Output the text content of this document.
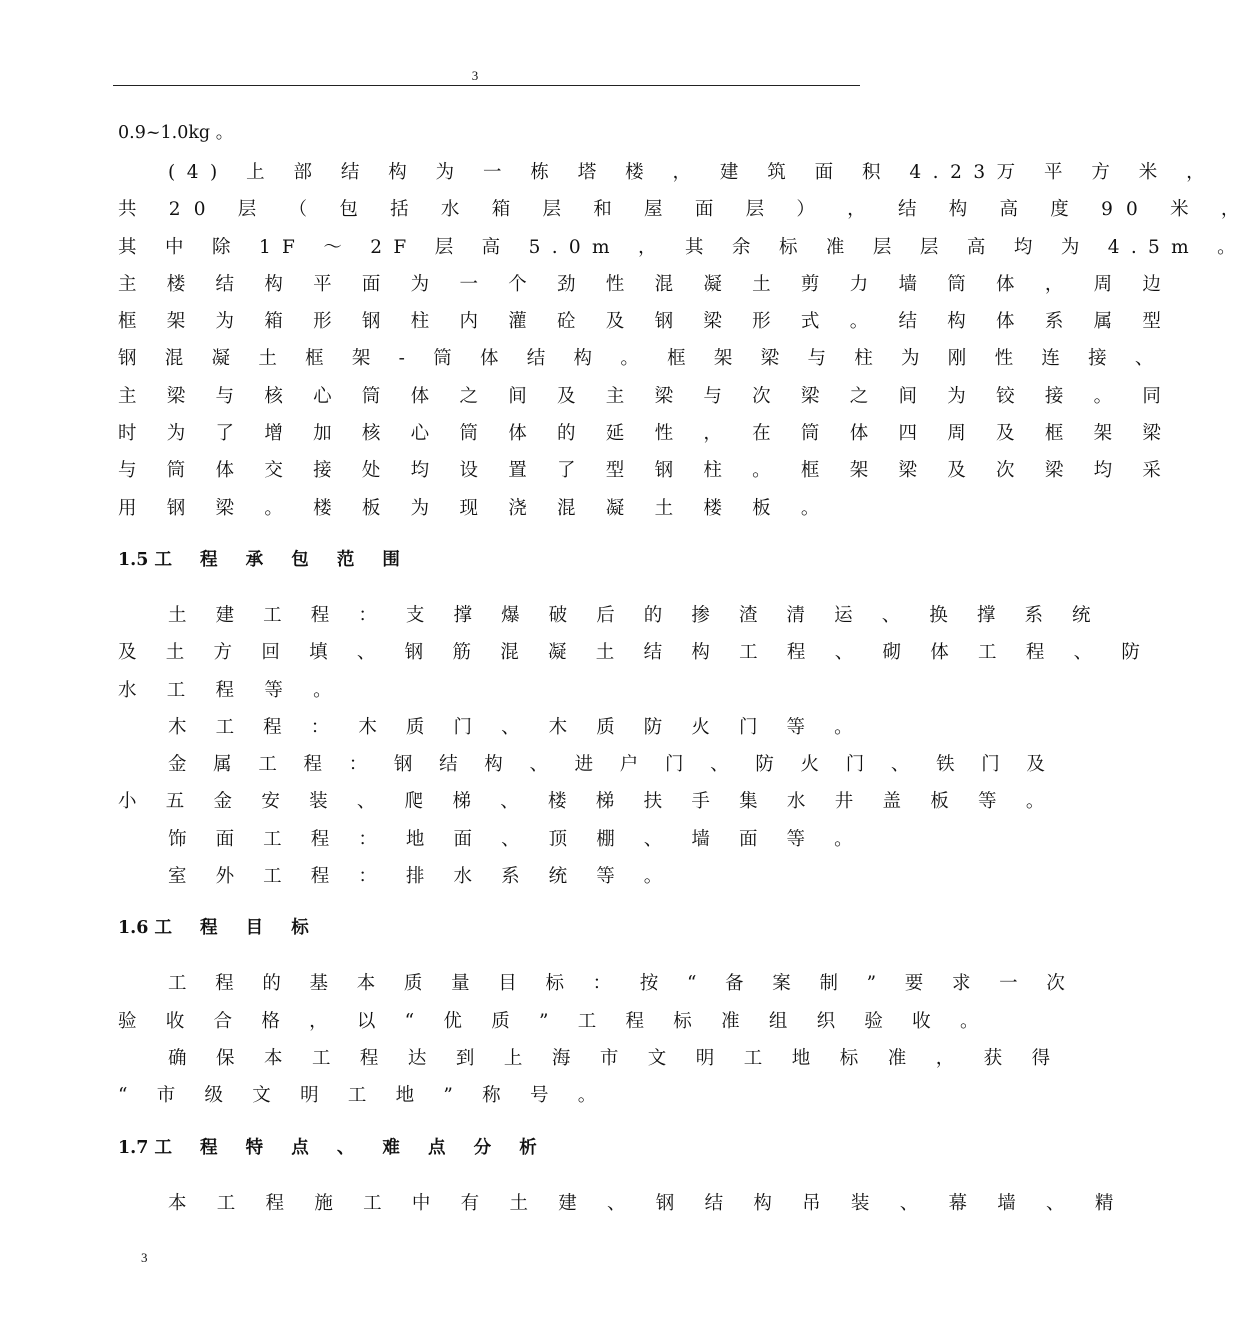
3

0.9~1.0kg 。

(4) 上 部 结 构 为 一 栋 塔 楼 ， 建 筑 面 积 4.23万 平 方 米 ，
共 20 层 （ 包 括 水 箱 层 和 屋 面 层 ） ， 结 构 高 度 90 米 ，
其 中 除 1F ～ 2F 层 高 5.0m ， 其 余 标 准 层 层 高 均 为 4.5m 。
主 楼 结 构 平 面 为 一 个 劲 性 混 凝 土 剪 力 墙 筒 体 ， 周 边
框 架 为 箱 形 钢 柱 内 灌 砼 及 钢 梁 形 式 。 结 构 体 系 属 型
钢 混 凝 土 框 架 - 筒 体 结 构 。 框 架 梁 与 柱 为 刚 性 连 接 、
主 梁 与 核 心 筒 体 之 间 及 主 梁 与 次 梁 之 间 为 铰 接 。 同
时 为 了 增 加 核 心 筒 体 的 延 性 ， 在 筒 体 四 周 及 框 架 梁
与 筒 体 交 接 处 均 设 置 了 型 钢 柱 。 框 架 梁 及 次 梁 均 采
用 钢 梁 。 楼 板 为 现 浇 混 凝 土 楼 板 。

1.5 工 程 承 包 范 围

土 建 工 程 ： 支 撑 爆 破 后 的 掺 渣 清 运 、 换 撑 系 统
及 土 方 回 填 、 钢 筋 混 凝 土 结 构 工 程 、 砌 体 工 程 、 防
水 工 程 等 。
木 工 程 ： 木 质 门 、 木 质 防 火 门 等 。
金 属 工 程 ： 钢 结 构 、 进 户 门 、 防 火 门 、 铁 门 及
小 五 金 安 装 、 爬 梯 、 楼 梯 扶 手 集 水 井 盖 板 等 。
饰 面 工 程 ： 地 面 、 顶 棚 、 墙 面 等 。
室 外 工 程 ： 排 水 系 统 等 。

1.6 工 程 目 标

工 程 的 基 本 质 量 目 标 ： 按 “ 备 案 制 ” 要 求 一 次
验 收 合 格 ， 以 “ 优 质 ” 工 程 标 准 组 织 验 收 。
确 保 本 工 程 达 到 上 海 市 文 明 工 地 标 准 ， 获 得
“ 市 级 文 明 工 地 ” 称 号 。

1.7 工 程 特 点 、 难 点 分 析

本 工 程 施 工 中 有 土 建 、 钢 结 构 吊 装 、 幕 墙 、 精

3
